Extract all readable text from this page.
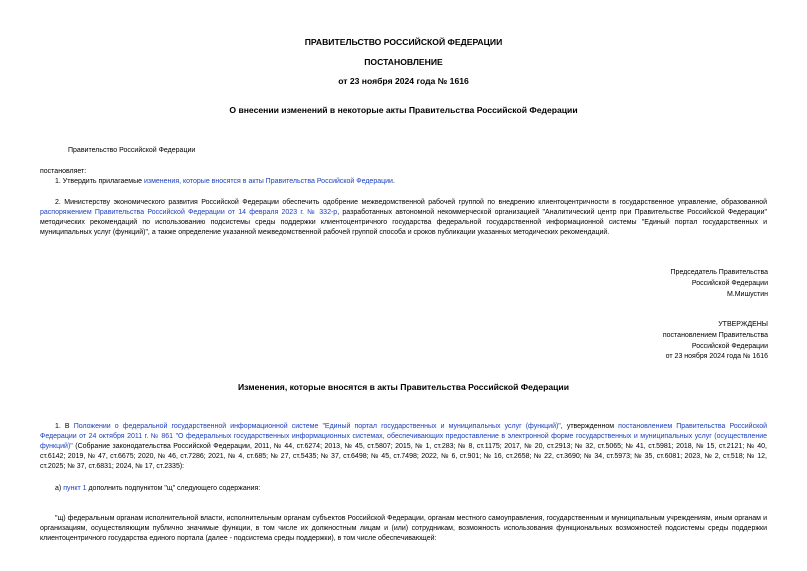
ПРАВИТЕЛЬСТВО РОССИЙСКОЙ ФЕДЕРАЦИИ
ПОСТАНОВЛЕНИЕ
от 23 ноября 2024 года № 1616
О внесении изменений в некоторые акты Правительства Российской Федерации
Правительство Российской Федерации
постановляет:
1. Утвердить прилагаемые изменения, которые вносятся в акты Правительства Российской Федерации.
2. Министерству экономического развития Российской Федерации обеспечить одобрение межведомственной рабочей группой по внедрению клиентоцентричности в государственное управление, образованной распоряжением Правительства Российской Федерации от 14 февраля 2023 г. № 332-р, разработанных автономной некоммерческой организацией "Аналитический центр при Правительстве Российской Федерации" методических рекомендаций по использованию подсистемы среды поддержки клиентоцентричного государства федеральной государственной информационной системы "Единый портал государственных и муниципальных услуг (функций)", а также определение указанной межведомственной рабочей группой способа и сроков публикации указанных методических рекомендаций.
Председатель Правительства
Российской Федерации
М.Мишустин
УТВЕРЖДЕНЫ
постановлением Правительства
Российской Федерации
от 23 ноября 2024 года № 1616
Изменения, которые вносятся в акты Правительства Российской Федерации
1. В Положении о федеральной государственной информационной системе "Единый портал государственных и муниципальных услуг (функций)", утвержденном постановлением Правительства Российской Федерации от 24 октября 2011 г. № 861 "О федеральных государственных информационных системах, обеспечивающих предоставление в электронной форме государственных и муниципальных услуг (осуществление функций)" (Собрание законодательства Российской Федерации, 2011, № 44, ст.6274; 2013, № 45, ст.5807; 2015, № 1, ст.283; № 8, ст.1175; 2017, № 20, ст.2913; № 32, ст.5065; № 41, ст.5981; 2018, № 15, ст.2121; № 40, ст.6142; 2019, № 47, ст.6675; 2020, № 46, ст.7286; 2021, № 4, ст.685; № 27, ст.5435; № 37, ст.6498; № 45, ст.7498; 2022, № 6, ст.901; № 16, ст.2658; № 22, ст.3690; № 34, ст.5973; № 35, ст.6081; 2023, № 2, ст.518; № 12, ст.2025; № 37, ст.6831; 2024, № 17, ст.2335):
а) пункт 1 дополнить подпунктом "щ" следующего содержания:
"щ) федеральным органам исполнительной власти, исполнительным органам субъектов Российской Федерации, органам местного самоуправления, государственным и муниципальным учреждениям, иным органам и организациям, осуществляющим публично значимые функции, в том числе их должностным лицам и (или) сотрудникам, возможность использования функциональных возможностей подсистемы среды поддержки клиентоцентричного государства единого портала (далее - подсистема среды поддержки), в том числе обеспечивающей:
